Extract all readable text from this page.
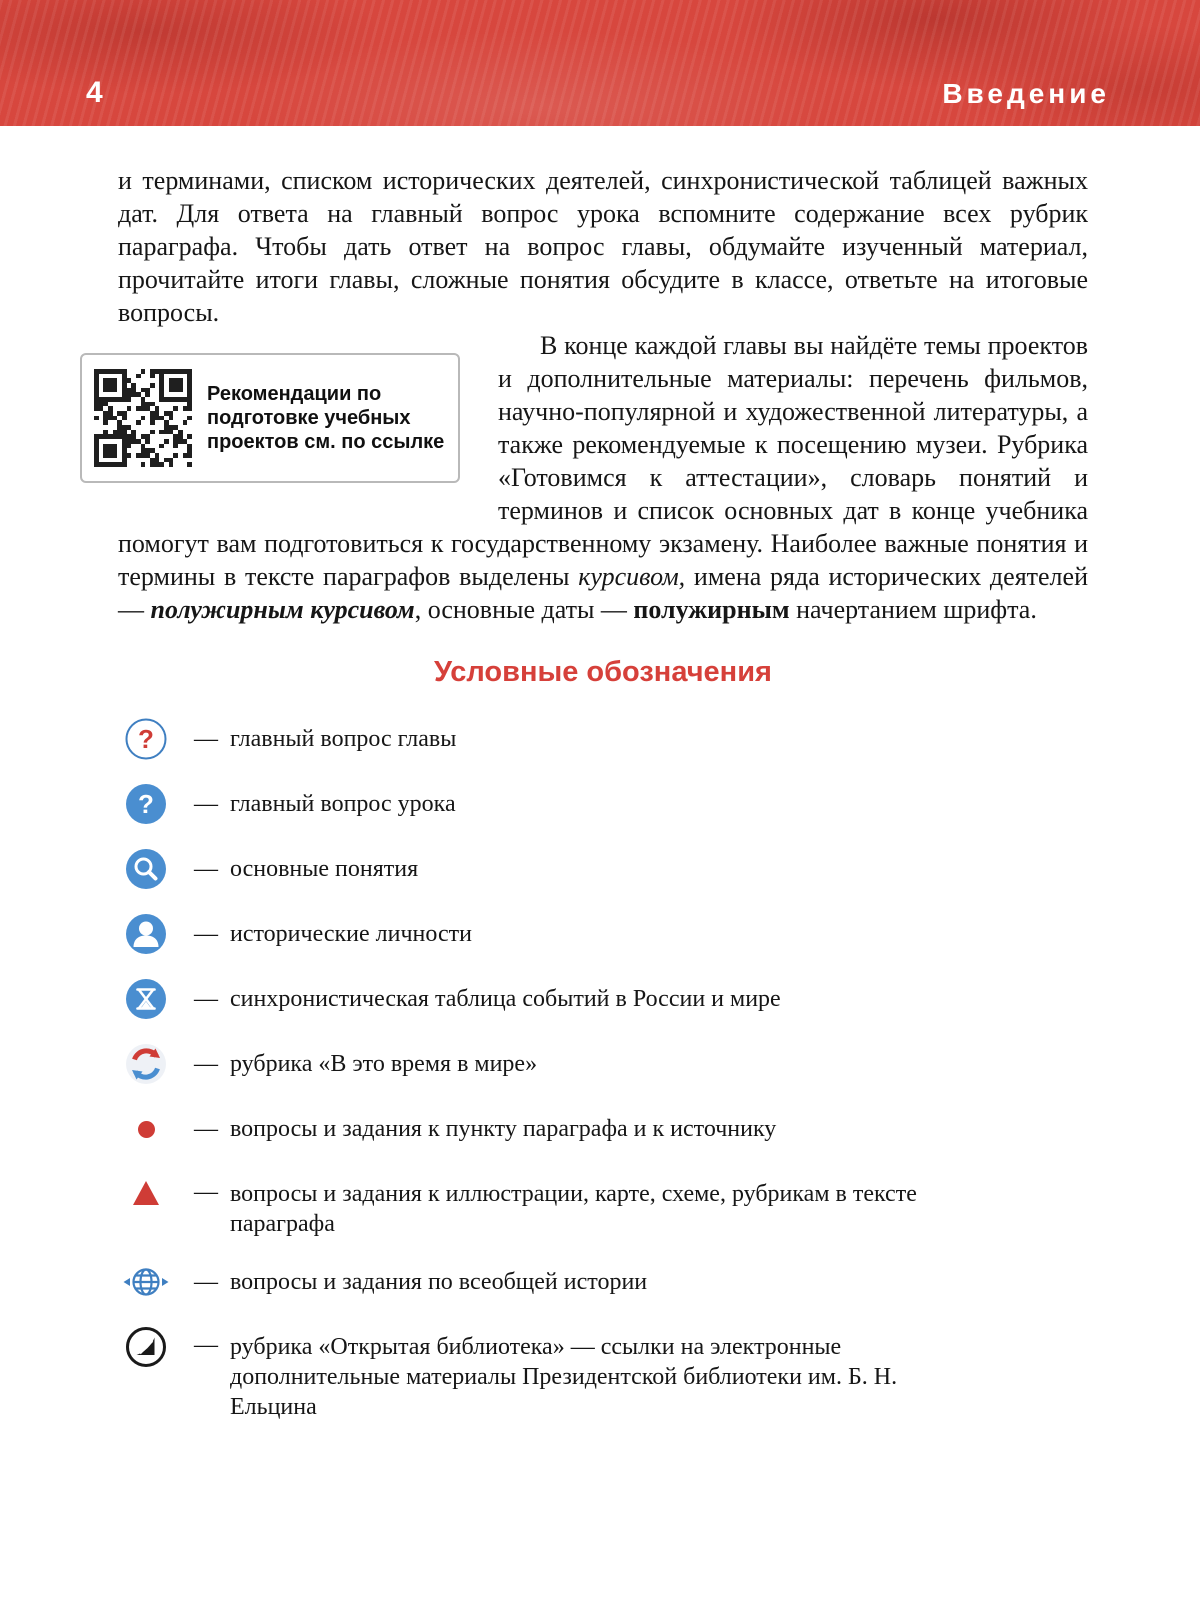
4	Введение

и терминами, списком исторических деятелей, синхронистической таблицей важных дат. Для ответа на главный вопрос урока вспомните содержание всех рубрик параграфа. Чтобы дать ответ на вопрос главы, обдумайте изученный материал, прочитайте итоги главы, сложные понятия обсудите в классе, ответьте на итоговые вопросы.

Рекомендации по подготовке учебных проектов см. по ссылке

В конце каждой главы вы найдёте темы проектов и дополнительные материалы: перечень фильмов, научно-популярной и художественной литературы, а также рекомендуемые к посещению музеи. Рубрика «Готовимся к аттестации», словарь понятий и терминов и список основных дат в конце учебника помогут вам подготовиться к государственному экзамену. Наиболее важные понятия и термины в тексте параграфов выделены курсивом, имена ряда исторических деятелей — полужирным курсивом, основные даты — полужирным начертанием шрифта.

Условные обозначения
? — главный вопрос главы
? — главный вопрос урока
— основные понятия
— исторические личности
— синхронистическая таблица событий в России и мире
— рубрика «В это время в мире»
— вопросы и задания к пункту параграфа и к источнику
— вопросы и задания к иллюстрации, карте, схеме, рубрикам в тексте параграфа
— вопросы и задания по всеобщей истории
— рубрика «Открытая библиотека» — ссылки на электронные дополнительные материалы Президентской библиотеки им. Б. Н. Ельцина
